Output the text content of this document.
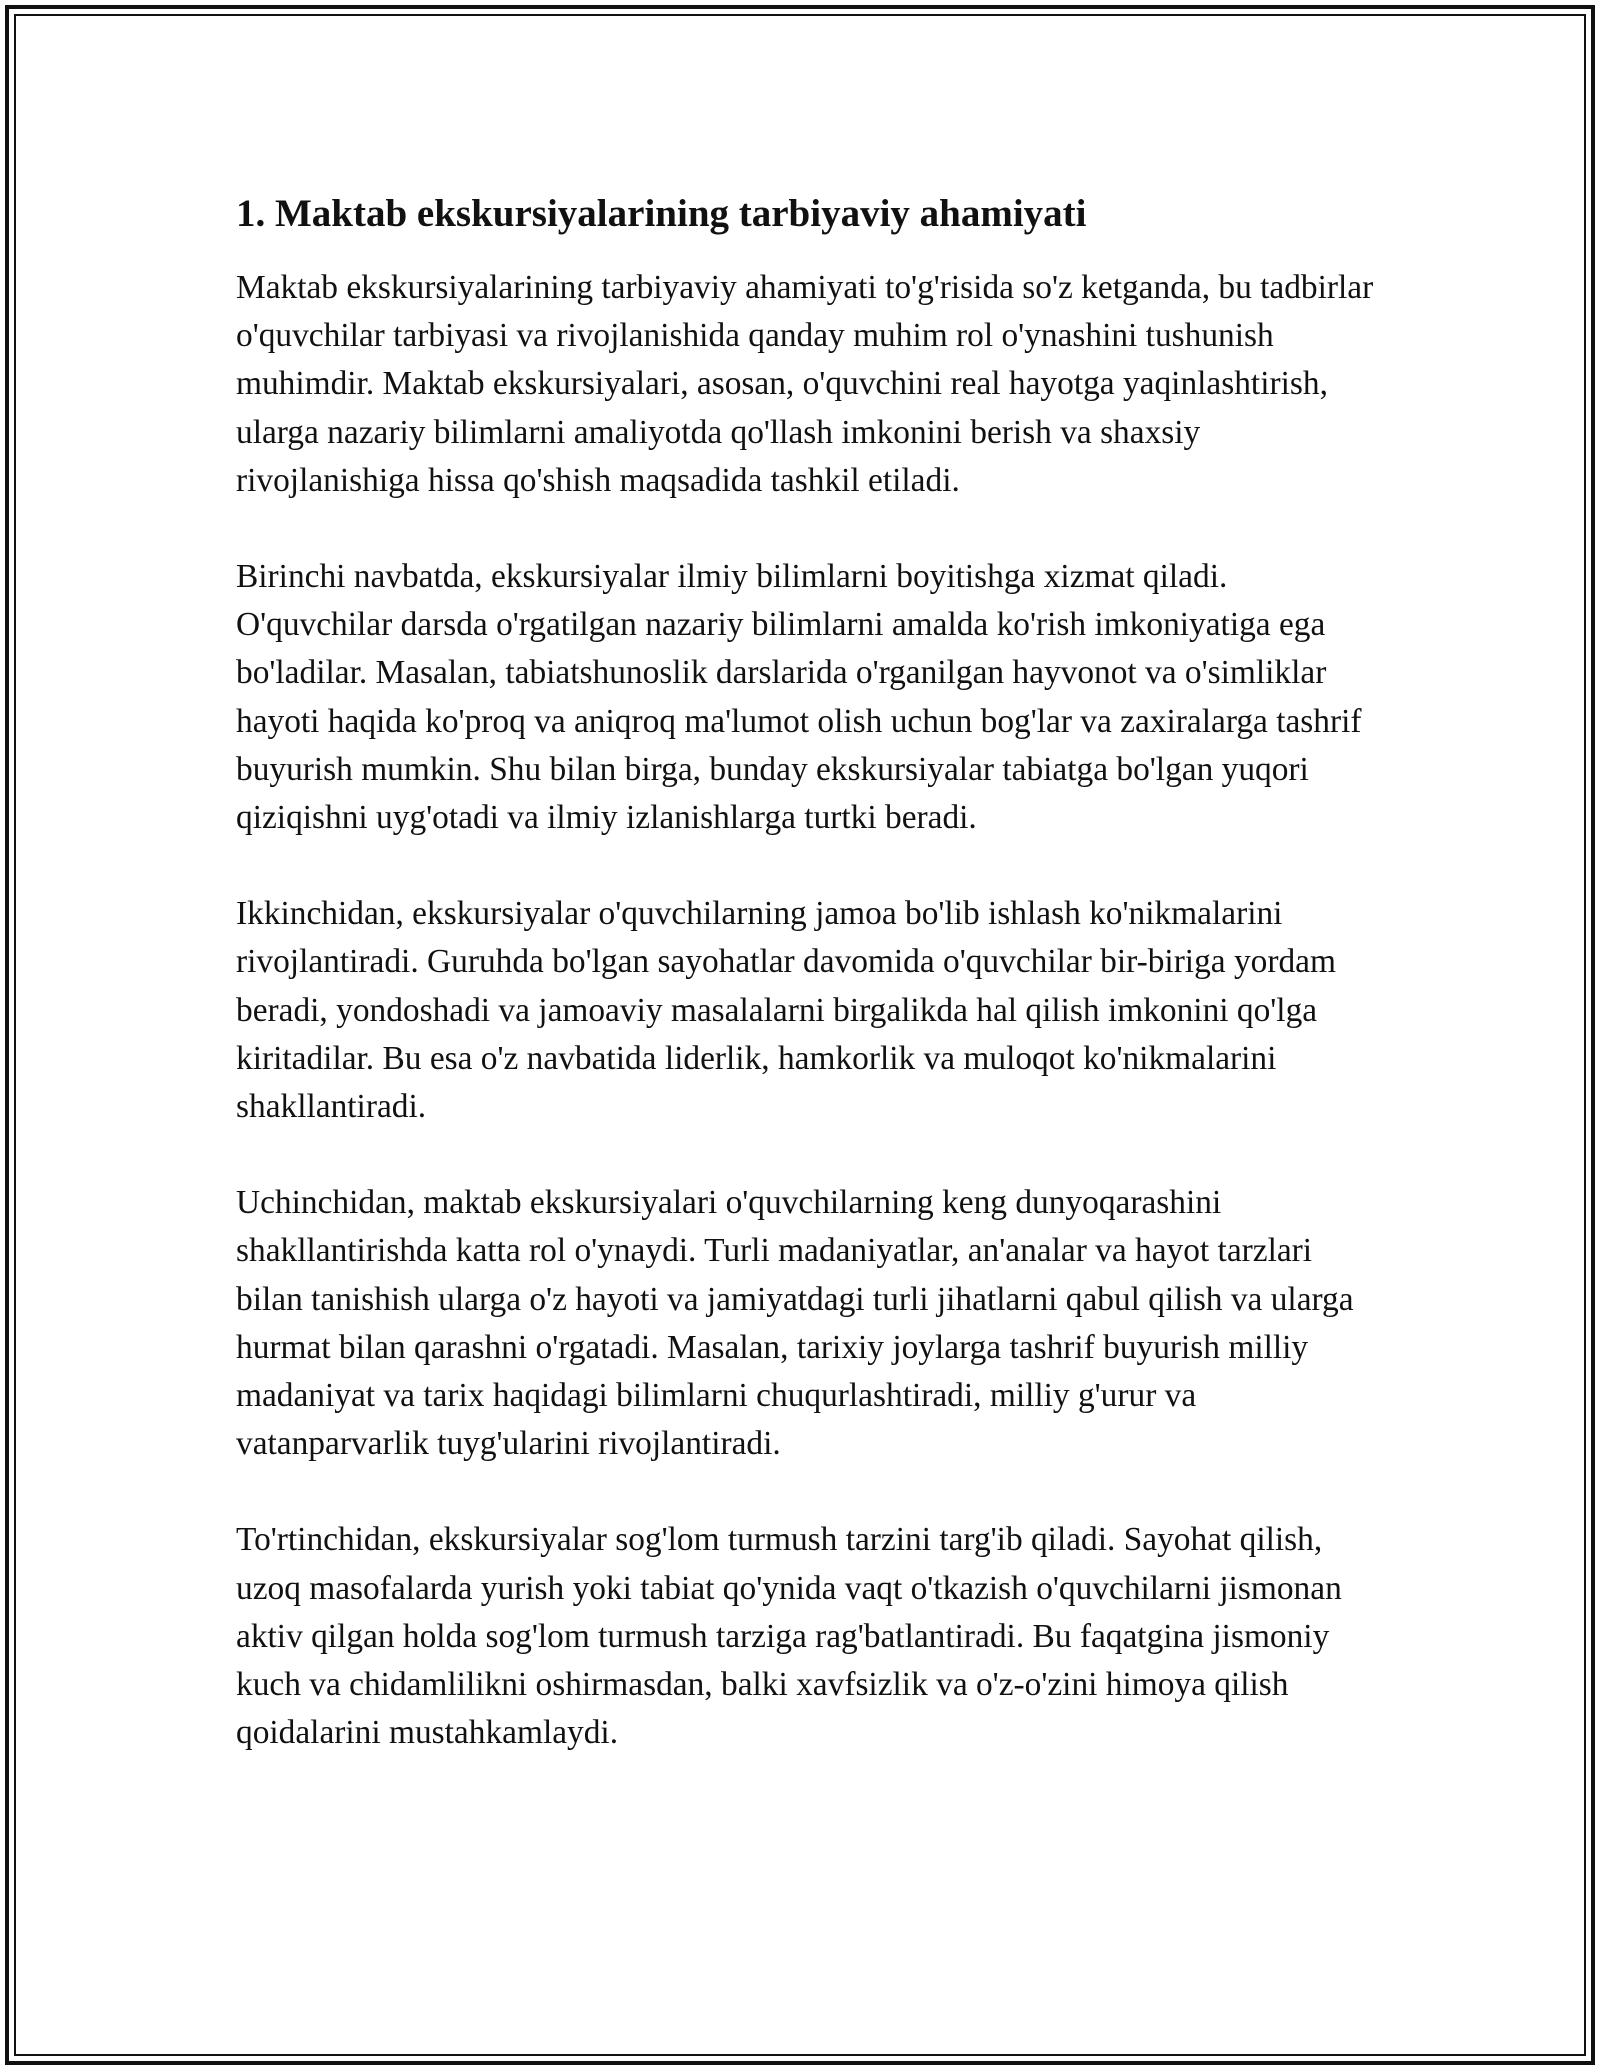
1. Maktab ekskursiyalarining tarbiyaviy ahamiyati

Maktab ekskursiyalarining tarbiyaviy ahamiyati to'g'risida so'z ketganda, bu tadbirlar o'quvchilar tarbiyasi va rivojlanishida qanday muhim rol o'ynashini tushunish muhimdir. Maktab ekskursiyalari, asosan, o'quvchini real hayotga yaqinlashtirish, ularga nazariy bilimlarni amaliyotda qo'llash imkonini berish va shaxsiy rivojlanishiga hissa qo'shish maqsadida tashkil etiladi.

Birinchi navbatda, ekskursiyalar ilmiy bilimlarni boyitishga xizmat qiladi. O'quvchilar darsda o'rgatilgan nazariy bilimlarni amalda ko'rish imkoniyatiga ega bo'ladilar. Masalan, tabiatshunoslik darslarida o'rganilgan hayvonot va o'simliklar hayoti haqida ko'proq va aniqroq ma'lumot olish uchun bog'lar va zaxiralarga tashrif buyurish mumkin. Shu bilan birga, bunday ekskursiyalar tabiatga bo'lgan yuqori qiziqishni uyg'otadi va ilmiy izlanishlarga turtki beradi.

Ikkinchidan, ekskursiyalar o'quvchilarning jamoa bo'lib ishlash ko'nikmalarini rivojlantiradi. Guruhda bo'lgan sayohatlar davomida o'quvchilar bir-biriga yordam beradi, yondoshadi va jamoaviy masalalarni birgalikda hal qilish imkonini qo'lga kiritadilar. Bu esa o'z navbatida liderlik, hamkorlik va muloqot ko'nikmalarini shakllantiradi.

Uchinchidan, maktab ekskursiyalari o'quvchilarning keng dunyoqarashini shakllantirishda katta rol o'ynaydi. Turli madaniyatlar, an'analar va hayot tarzlari bilan tanishish ularga o'z hayoti va jamiyatdagi turli jihatlarni qabul qilish va ularga hurmat bilan qarashni o'rgatadi. Masalan, tarixiy joylarga tashrif buyurish milliy madaniyat va tarix haqidagi bilimlarni chuqurlashtiradi, milliy g'urur va vatanparvarlik tuyg'ularini rivojlantiradi.

To'rtinchidan, ekskursiyalar sog'lom turmush tarzini targ'ib qiladi. Sayohat qilish, uzoq masofalarda yurish yoki tabiat qo'ynida vaqt o'tkazish o'quvchilarni jismonan aktiv qilgan holda sog'lom turmush tarziga rag'batlantiradi. Bu faqatgina jismoniy kuch va chidamlilikni oshirmasdan, balki xavfsizlik va o'z-o'zini himoya qilish qoidalarini mustahkamlaydi.
